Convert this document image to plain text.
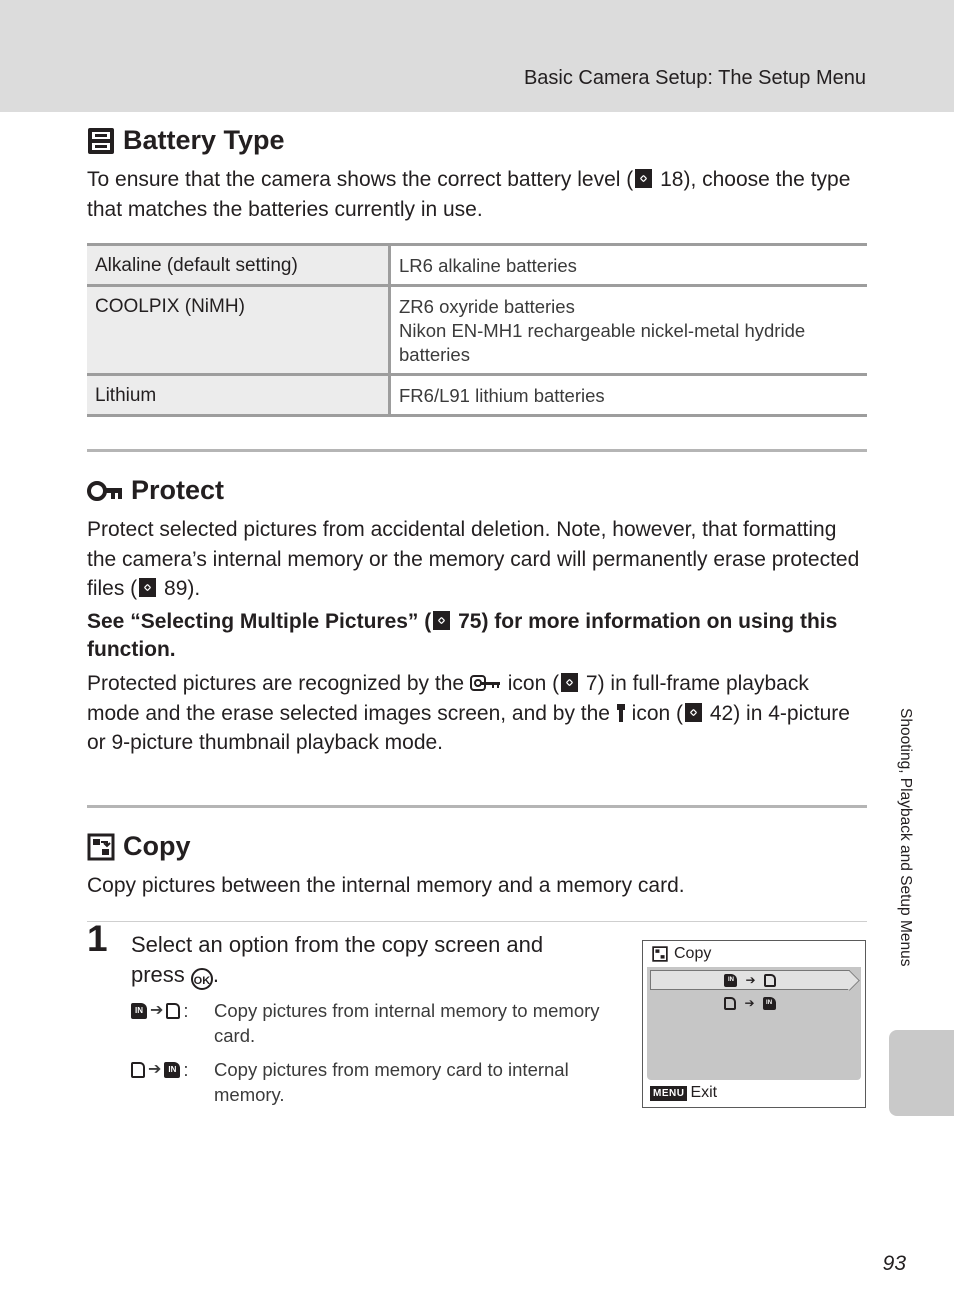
Basic Camera Setup: The Setup Menu
Battery Type
To ensure that the camera shows the correct battery level ( 18), choose the type that matches the batteries currently in use.
Alkaline (default setting)	LR6 alkaline batteries

COOLPIX (NiMH)	ZR6 oxyride batteries
Nikon EN-MH1 rechargeable nickel-metal hydride batteries

Lithium	FR6/L91 lithium batteries
Protect
Protect selected pictures from accidental deletion. Note, however, that formatting the camera’s internal memory or the memory card will permanently erase protected files ( 89).
See “Selecting Multiple Pictures” ( 75) for more information on using this function.
Protected pictures are recognized by the  icon ( 7) in full-frame playback mode and the erase selected images screen, and by the  icon ( 42) in 4-picture or 9-picture thumbnail playback mode.
Copy
Copy pictures between the internal memory and a memory card.
1 Select an option from the copy screen and press OK .
IN ➔ : Copy pictures from internal memory to memory card.
➔ IN : Copy pictures from memory card to internal memory.
Copy
IN ➔
➔	IN
MENU Exit
Shooting, Playback and Setup Menus
93
